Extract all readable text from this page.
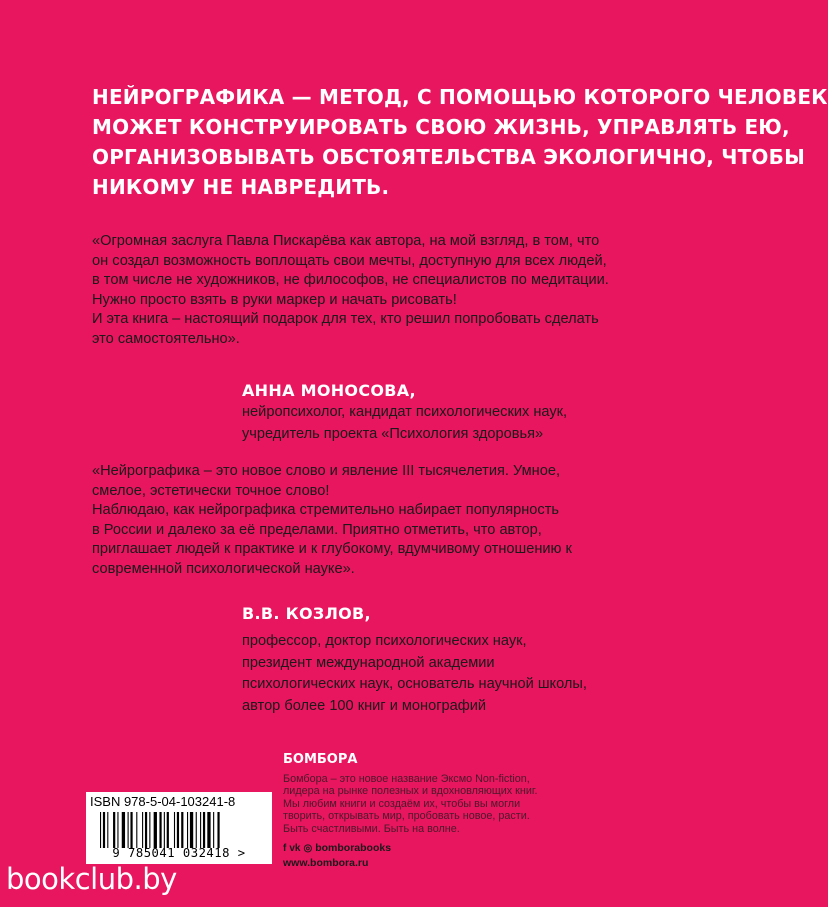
НЕЙРОГРАФИКА — МЕТОД, С ПОМОЩЬЮ КОТОРОГО ЧЕЛОВЕК
МОЖЕТ КОНСТРУИРОВАТЬ СВОЮ ЖИЗНЬ, УПРАВЛЯТЬ ЕЮ,
ОРГАНИЗОВЫВАТЬ ОБСТОЯТЕЛЬСТВА ЭКОЛОГИЧНО, ЧТОБЫ
НИКОМУ НЕ НАВРЕДИТЬ.
«Огромная заслуга Павла Пискарёва как автора, на мой взгляд, в том, что
он создал возможность воплощать свои мечты, доступную для всех людей,
в том числе не художников, не философов, не специалистов по медитации.
Нужно просто взять в руки маркер и начать рисовать!
И эта книга – настоящий подарок для тех, кто решил попробовать сделать
это самостоятельно».
АННА МОНОСОВА,
нейропсихолог, кандидат психологических наук,
учредитель проекта «Психология здоровья»
«Нейрографика – это новое слово и явление III тысячелетия. Умное,
смелое, эстетически точное слово!
Наблюдаю, как нейрографика стремительно набирает популярность
в России и далеко за её пределами. Приятно отметить, что автор,
приглашает людей к практике и к глубокому, вдумчивому отношению к
современной психологической науке».
В.В. КОЗЛОВ,
профессор, доктор психологических наук,
президент международной академии
психологических наук, основатель научной школы,
автор более 100 книг и монографий
ISBN 978-5-04-103241-8
9 785041 032418 >
БОМБОРА
Бомбора – это новое название Эксмо Non-fiction,
лидера на рынке полезных и вдохновляющих книг.
Мы любим книги и создаём их, чтобы вы могли
творить, открывать мир, пробовать новое, расти.
Быть счастливыми. Быть на волне.
f vk ◎ bomborabooks
www.bombora.ru
bookclub.by
